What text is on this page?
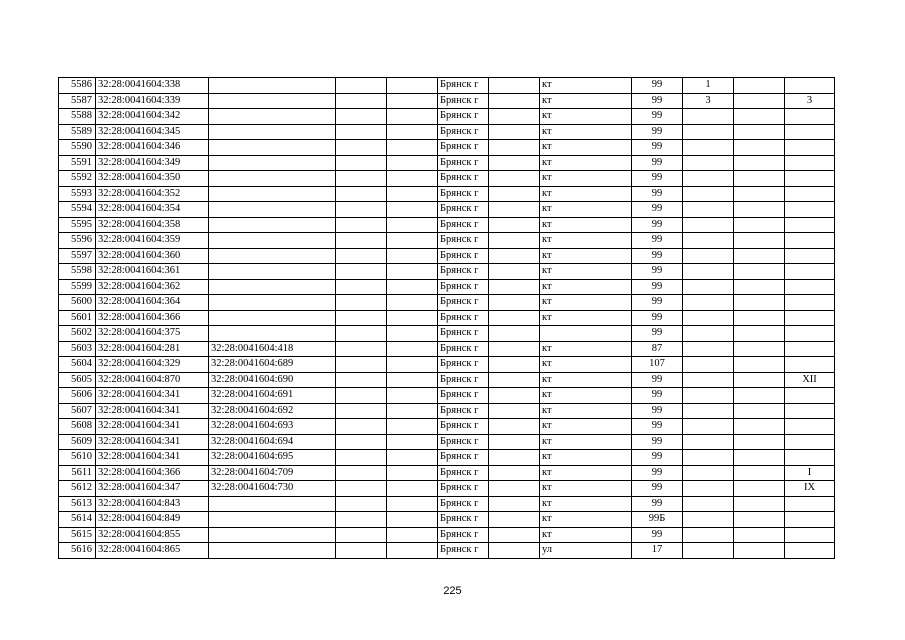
5586	32:28:0041604:338				Брянск г		кт	99	1		
5587	32:28:0041604:339				Брянск г		кт	99	3		3
5588	32:28:0041604:342				Брянск г		кт	99			
5589	32:28:0041604:345				Брянск г		кт	99			
5590	32:28:0041604:346				Брянск г		кт	99			
5591	32:28:0041604:349				Брянск г		кт	99			
5592	32:28:0041604:350				Брянск г		кт	99			
5593	32:28:0041604:352				Брянск г		кт	99			
5594	32:28:0041604:354				Брянск г		кт	99			
5595	32:28:0041604:358				Брянск г		кт	99			
5596	32:28:0041604:359				Брянск г		кт	99			
5597	32:28:0041604:360				Брянск г		кт	99			
5598	32:28:0041604:361				Брянск г		кт	99			
5599	32:28:0041604:362				Брянск г		кт	99			
5600	32:28:0041604:364				Брянск г		кт	99			
5601	32:28:0041604:366				Брянск г		кт	99			
5602	32:28:0041604:375				Брянск г			99			
5603	32:28:0041604:281	32:28:0041604:418			Брянск г		кт	87			
5604	32:28:0041604:329	32:28:0041604:689			Брянск г		кт	107			
5605	32:28:0041604:870	32:28:0041604:690			Брянск г		кт	99			XII
5606	32:28:0041604:341	32:28:0041604:691			Брянск г		кт	99			
5607	32:28:0041604:341	32:28:0041604:692			Брянск г		кт	99			
5608	32:28:0041604:341	32:28:0041604:693			Брянск г		кт	99			
5609	32:28:0041604:341	32:28:0041604:694			Брянск г		кт	99			
5610	32:28:0041604:341	32:28:0041604:695			Брянск г		кт	99			
5611	32:28:0041604:366	32:28:0041604:709			Брянск г		кт	99			I
5612	32:28:0041604:347	32:28:0041604:730			Брянск г		кт	99			IX
5613	32:28:0041604:843				Брянск г		кт	99			
5614	32:28:0041604:849				Брянск г		кт	99Б			
5615	32:28:0041604:855				Брянск г		кт	99			
5616	32:28:0041604:865				Брянск г		ул	17			
225
